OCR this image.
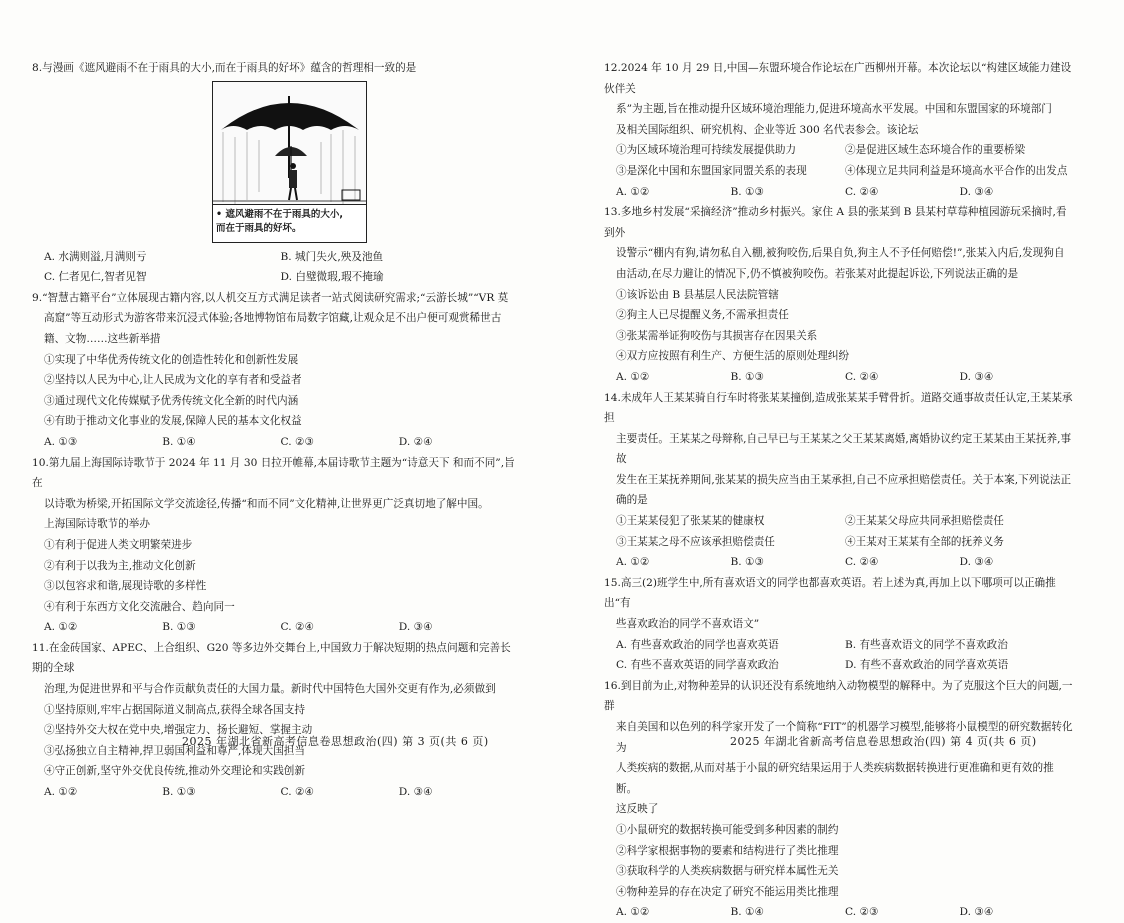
8.与漫画《遮风避雨不在于雨具的大小,而在于雨具的好坏》蕴含的哲理相一致的是
• 遮风避雨不在于雨具的大小,
而在于雨具的好坏。
A. 水满则溢,月满则亏	B. 城门失火,殃及池鱼
C. 仁者见仁,智者见智	D. 白璧微瑕,瑕不掩瑜
9.“智慧古籍平台”立体展现古籍内容,以人机交互方式满足读者一站式阅读研究需求;“云游长城”“VR 莫
高窟”等互动形式为游客带来沉浸式体验;各地博物馆布局数字馆藏,让观众足不出户便可观赏稀世古
籍、文物……这些新举措
①实现了中华优秀传统文化的创造性转化和创新性发展
②坚持以人民为中心,让人民成为文化的享有者和受益者
③通过现代文化传媒赋予优秀传统文化全新的时代内涵
④有助于推动文化事业的发展,保障人民的基本文化权益
A. ①③	B. ①④	C. ②③	D. ②④
10.第九届上海国际诗歌节于 2024 年 11 月 30 日拉开帷幕,本届诗歌节主题为“诗意天下 和而不同”,旨在
以诗歌为桥梁,开拓国际文学交流途径,传播“和而不同”文化精神,让世界更广泛真切地了解中国。
上海国际诗歌节的举办
①有利于促进人类文明繁荣进步
②有利于以我为主,推动文化创新
③以包容求和谐,展现诗歌的多样性
④有利于东西方文化交流融合、趋向同一
A. ①②	B. ①③	C. ②④	D. ③④
11.在金砖国家、APEC、上合组织、G20 等多边外交舞台上,中国致力于解决短期的热点问题和完善长期的全球
治理,为促进世界和平与合作贡献负责任的大国力量。新时代中国特色大国外交更有作为,必须做到
①坚持原则,牢牢占据国际道义制高点,获得全球各国支持
②坚持外交大权在党中央,增强定力、扬长避短、掌握主动
③弘扬独立自主精神,捍卫弱国利益和尊严,体现大国担当
④守正创新,坚守外交优良传统,推动外交理论和实践创新
A. ①②	B. ①③	C. ②④	D. ③④
2025 年湖北省新高考信息卷思想政治(四) 第 3 页(共 6 页)
12.2024 年 10 月 29 日,中国—东盟环境合作论坛在广西柳州开幕。本次论坛以“构建区域能力建设伙伴关
系”为主题,旨在推动提升区域环境治理能力,促进环境高水平发展。中国和东盟国家的环境部门
及相关国际组织、研究机构、企业等近 300 名代表参会。该论坛
①为区域环境治理可持续发展提供助力	②是促进区域生态环境合作的重要桥梁
③是深化中国和东盟国家同盟关系的表现	④体现立足共同利益是环境高水平合作的出发点
A. ①②	B. ①③	C. ②④	D. ③④
13.多地乡村发展“采摘经济”推动乡村振兴。家住 A 县的张某到 B 县某村草莓种植园游玩采摘时,看到外
设警示“棚内有狗,请勿私自入棚,被狗咬伤,后果自负,狗主人不予任何赔偿!”,张某入内后,发现狗自
由活动,在尽力避让的情况下,仍不慎被狗咬伤。若张某对此提起诉讼,下列说法正确的是
①该诉讼由 B 县基层人民法院管辖
②狗主人已尽提醒义务,不需承担责任
③张某需举证狗咬伤与其损害存在因果关系
④双方应按照有利生产、方便生活的原则处理纠纷
A. ①②	B. ①③	C. ②④	D. ③④
14.未成年人王某某骑自行车时将张某某撞倒,造成张某某手臂骨折。道路交通事故责任认定,王某某承担
主要责任。王某某之母辩称,自己早已与王某某之父王某某离婚,离婚协议约定王某某由王某抚养,事故
发生在王某抚养期间,张某某的损失应当由王某承担,自己不应承担赔偿责任。关于本案,下列说法正
确的是
①王某某侵犯了张某某的健康权	②王某某父母应共同承担赔偿责任
③王某某之母不应该承担赔偿责任	④王某对王某某有全部的抚养义务
A. ①②	B. ①③	C. ②④	D. ③④
15.高三(2)班学生中,所有喜欢语文的同学也都喜欢英语。若上述为真,再加上以下哪项可以正确推出“有
些喜欢政治的同学不喜欢语文”
A. 有些喜欢政治的同学也喜欢英语	B. 有些喜欢语文的同学不喜欢政治
C. 有些不喜欢英语的同学喜欢政治	D. 有些不喜欢政治的同学喜欢英语
16.到目前为止,对物种差异的认识还没有系统地纳入动物模型的解释中。为了克服这个巨大的问题,一群
来自美国和以色列的科学家开发了一个简称“FIT”的机器学习模型,能够将小鼠模型的研究数据转化为
人类疾病的数据,从而对基于小鼠的研究结果运用于人类疾病数据转换进行更准确和更有效的推断。
这反映了
①小鼠研究的数据转换可能受到多种因素的制约
②科学家根据事物的要素和结构进行了类比推理
③获取科学的人类疾病数据与研究样本属性无关
④物种差异的存在决定了研究不能运用类比推理
A. ①②	B. ①④	C. ②③	D. ③④
2025 年湖北省新高考信息卷思想政治(四) 第 4 页(共 6 页)
